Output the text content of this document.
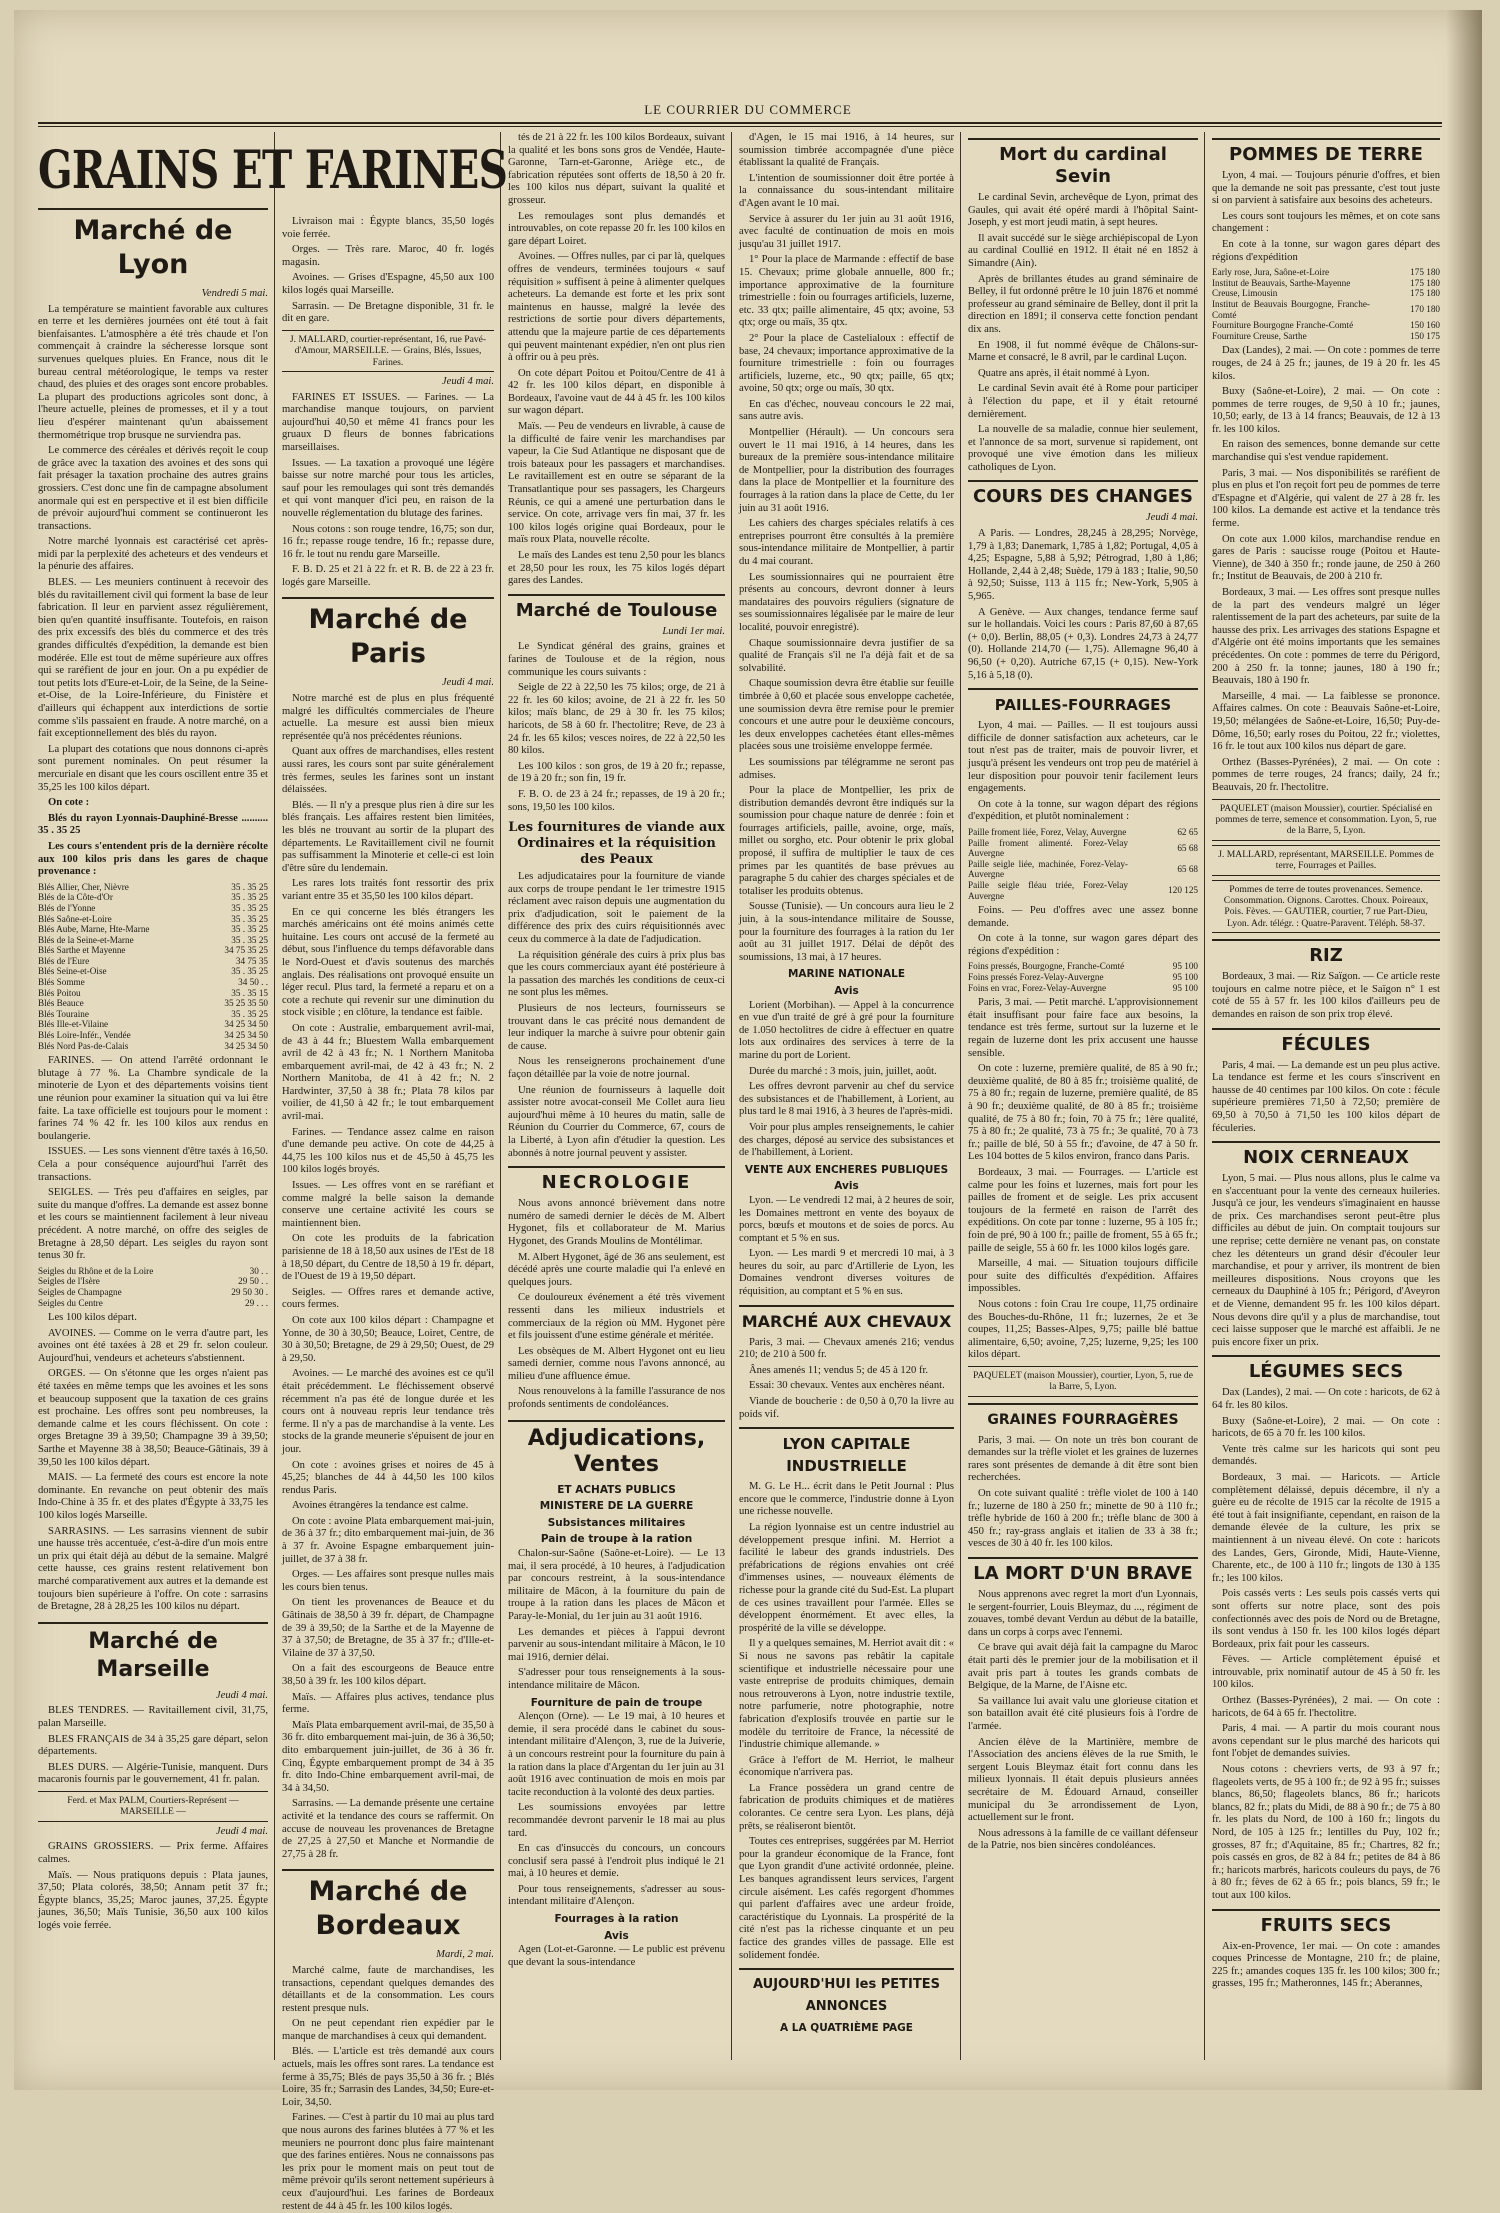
LE COURRIER DU COMMERCE
GRAINS ET FARINES
Marché de Lyon
Vendredi 5 mai.

La température se maintient favorable aux cultures en terre et les dernières journées ont été tout à fait bienfaisantes. L'atmosphère a été très chaude et l'on commençait à craindre la sécheresse lorsque sont survenues quelques pluies. En France, nous dit le bureau central météorologique, le temps va rester chaud, des pluies et des orages sont encore probables. La plupart des productions agricoles sont donc, à l'heure actuelle, pleines de promesses, et il y a tout lieu d'espérer maintenant qu'un abaissement thermométrique trop brusque ne surviendra pas.

Le commerce des céréales et dérivés reçoit le coup de grâce avec la taxation des avoines et des sons qui fait présager la taxation prochaine des autres grains grossiers. C'est donc une fin de campagne absolument anormale qui est en perspective et il est bien difficile de prévoir aujourd'hui comment se continueront les transactions.

Notre marché lyonnais est caractérisé cet après-midi par la perplexité des acheteurs et des vendeurs et la pénurie des affaires.

BLES. — Les meuniers continuent à recevoir des blés du ravitaillement civil qui forment la base de leur fabrication. Il leur en parvient assez régulièrement, bien qu'en quantité insuffisante. Toutefois, en raison des prix excessifs des blés du commerce et des très grandes difficultés d'expédition, la demande est bien modérée. Elle est tout de même supérieure aux offres qui se raréfient de jour en jour. On a pu expédier de tout petits lots d'Eure-et-Loir, de la Seine, de la Seine-et-Oise, de la Loire-Inférieure, du Finistère et d'ailleurs qui échappent aux interdictions de sortie comme s'ils passaient en fraude. A notre marché, on a fait exceptionnellement des blés du rayon.

La plupart des cotations que nous donnons ci-après sont purement nominales. On peut résumer la mercuriale en disant que les cours oscillent entre 35 et 35,25 les 100 kilos départ.

On cote :

Blés du rayon Lyonnais-Dauphiné-Bresse .......... 35 . 35 25

Les cours s'entendent pris de la dernière récolte aux 100 kilos pris dans les gares de chaque provenance :

Blés Allier, Cher, Nièvre	35 . 35 25
Blés de la Côte-d'Or	35 . 35 25
Blés de l'Yonne	35 . 35 25
Blés Saône-et-Loire	35 . 35 25
Blés Aube, Marne, Hte-Marne	35 . 35 25
Blés de la Seine-et-Marne	35 . 35 25
Blés Sarthe et Mayenne	34 75 35 25
Blés de l'Eure	34 75 35
Blés Seine-et-Oise	35 . 35 25
Blés Somme	34 50 . .
Blés Poitou	35 . 35 15
Blés Beauce	35 25 35 50
Blés Touraine	35 . 35 25
Blés Ille-et-Vilaine	34 25 34 50
Blés Loire-Infér., Vendée	34 25 34 50
Blés Nord Pas-de-Calais	34 25 34 50

FARINES. — On attend l'arrêté ordonnant le blutage à 77 %. La Chambre syndicale de la minoterie de Lyon et des départements voisins tient une réunion pour examiner la situation qui va lui être faite. La taxe officielle est toujours pour le moment : farines 74 % 42 fr. les 100 kilos aux rendus en boulangerie.

ISSUES. — Les sons viennent d'être taxés à 16,50. Cela a pour conséquence aujourd'hui l'arrêt des transactions.

SEIGLES. — Très peu d'affaires en seigles, par suite du manque d'offres. La demande est assez bonne et les cours se maintiennent facilement à leur niveau précédent. A notre marché, on offre des seigles de Bretagne à 28,50 départ. Les seigles du rayon sont tenus 30 fr.

Seigles du Rhône et de la Loire	30 . .
Seigles de l'Isère	29 50 . .
Seigles de Champagne	29 50 30 .
Seigles du Centre	29 . . .

Les 100 kilos départ.

AVOINES. — Comme on le verra d'autre part, les avoines ont été taxées à 28 et 29 fr. selon couleur. Aujourd'hui, vendeurs et acheteurs s'abstiennent.

ORGES. — On s'étonne que les orges n'aient pas été taxées en même temps que les avoines et les sons et beaucoup supposent que la taxation de ces grains est prochaine. Les offres sont peu nombreuses, la demande calme et les cours fléchissent. On cote : orges Bretagne 39 à 39,50; Champagne 39 à 39,50; Sarthe et Mayenne 38 à 38,50; Beauce-Gâtinais, 39 à 39,50 les 100 kilos départ.

MAIS. — La fermeté des cours est encore la note dominante. En revanche on peut obtenir des maïs Indo-Chine à 35 fr. et des plates d'Égypte à 33,75 les 100 kilos logés Marseille.

SARRASINS. — Les sarrasins viennent de subir une hausse très accentuée, c'est-à-dire d'un mois entre un prix qui était déjà au début de la semaine. Malgré cette hausse, ces grains restent relativement bon marché comparativement aux autres et la demande est toujours bien supérieure à l'offre. On cote : sarrasins de Bretagne, 28 à 28,25 les 100 kilos nu départ.

Marché de Marseille
Jeudi 4 mai.

BLES TENDRES. — Ravitaillement civil, 31,75, palan Marseille.

BLES FRANÇAIS de 34 à 35,25 gare départ, selon départements.

BLES DURS. — Algérie-Tunisie, manquent. Durs macaronis fournis par le gouvernement, 41 fr. palan.

Ferd. et Max PALM, Courtiers-Représent — MARSEILLE —
Jeudi 4 mai.

GRAINS GROSSIERS. — Prix ferme. Affaires calmes.

Maïs. — Nous pratiquons depuis : Plata jaunes, 37,50; Plata colorés, 38,50; Annam petit 37 fr.; Égypte blancs, 35,25; Maroc jaunes, 37,25. Égypte jaunes, 36,50; Maïs Tunisie, 36,50 aux 100 kilos logés voie ferrée.

Livraison mai : Égypte blancs, 35,50 logés voie ferrée.

Orges. — Très rare. Maroc, 40 fr. logés magasin.

Avoines. — Grises d'Espagne, 45,50 aux 100 kilos logés quai Marseille.

Sarrasin. — De Bretagne disponible, 31 fr. le dit en gare.

J. MALLARD, courtier-représentant, 16, rue Pavé-d'Amour, MARSEILLE. — Grains, Blés, Issues, Farines.
Jeudi 4 mai.

FARINES ET ISSUES. — Farines. — La marchandise manque toujours, on parvient aujourd'hui 40,50 et même 41 francs pour les gruaux D fleurs de bonnes fabrications marseillaises.

Issues. — La taxation a provoqué une légère baisse sur notre marché pour tous les articles, sauf pour les remoulages qui sont très demandés et qui vont manquer d'ici peu, en raison de la nouvelle réglementation du blutage des farines.

Nous cotons : son rouge tendre, 16,75; son dur, 16 fr.; repasse rouge tendre, 16 fr.; repasse dure, 16 fr. le tout nu rendu gare Marseille.

F. B. D. 25 et 21 à 22 fr. et R. B. de 22 à 23 fr. logés gare Marseille.

Marché de Paris
Jeudi 4 mai.

Notre marché est de plus en plus fréquenté malgré les difficultés commerciales de l'heure actuelle. La mesure est aussi bien mieux représentée qu'à nos précédentes réunions.

Quant aux offres de marchandises, elles restent aussi rares, les cours sont par suite généralement très fermes, seules les farines sont un instant délaissées.

Blés. — Il n'y a presque plus rien à dire sur les blés français. Les affaires restent bien limitées, les blés ne trouvant au sortir de la plupart des départements. Le Ravitaillement civil ne fournit pas suffisamment la Minoterie et celle-ci est loin d'être sûre du lendemain.

Les rares lots traités font ressortir des prix variant entre 35 et 35,50 les 100 kilos départ.

En ce qui concerne les blés étrangers les marchés américains ont été moins animés cette huitaine. Les cours ont accusé de la fermeté au début, sous l'influence du temps défavorable dans le Nord-Ouest et d'avis soutenus des marchés anglais. Des réalisations ont provoqué ensuite un léger recul. Plus tard, la fermeté a reparu et on a cote a rechute qui revenir sur une diminution du stock visible ; en clôture, la tendance est faible.

On cote : Australie, embarquement avril-mai, de 43 à 44 fr.; Bluestem Walla embarquement avril de 42 à 43 fr.; N. 1 Northern Manitoba embarquement avril-mai, de 42 à 43 fr.; N. 2 Northern Manitoba, de 41 à 42 fr.; N. 2 Hardwinter, 37,50 à 38 fr.; Plata 78 kilos par voilier, de 41,50 à 42 fr.; le tout embarquement avril-mai.

Farines. — Tendance assez calme en raison d'une demande peu active. On cote de 44,25 à 44,75 les 100 kilos nus et de 45,50 à 45,75 les 100 kilos logés broyés.

Issues. — Les offres vont en se raréfiant et comme malgré la belle saison la demande conserve une certaine activité les cours se maintiennent bien.

On cote les produits de la fabrication parisienne de 18 à 18,50 aux usines de l'Est de 18 à 18,50 départ, du Centre de 18,50 à 19 fr. départ, de l'Ouest de 19 à 19,50 départ.

Seigles. — Offres rares et demande active, cours fermes.

On cote aux 100 kilos départ : Champagne et Yonne, de 30 à 30,50; Beauce, Loiret, Centre, de 30 à 30,50; Bretagne, de 29 à 29,50; Ouest, de 29 à 29,50.

Avoines. — Le marché des avoines est ce qu'il était précédemment. Le fléchissement observé récemment n'a pas été de longue durée et les cours ont à nouveau repris leur tendance très ferme. Il n'y a pas de marchandise à la vente. Les stocks de la grande meunerie s'épuisent de jour en jour.

On cote : avoines grises et noires de 45 à 45,25; blanches de 44 à 44,50 les 100 kilos rendus Paris.

Avoines étrangères la tendance est calme.

On cote : avoine Plata embarquement mai-juin, de 36 à 37 fr.; dito embarquement mai-juin, de 36 à 37 fr. Avoine Espagne embarquement juin-juillet, de 37 à 38 fr.

Orges. — Les affaires sont presque nulles mais les cours bien tenus.

On tient les provenances de Beauce et du Gâtinais de 38,50 à 39 fr. départ, de Champagne de 39 à 39,50; de la Sarthe et de la Mayenne de 37 à 37,50; de Bretagne, de 35 à 37 fr.; d'Ille-et-Vilaine de 37 à 37,50.

On a fait des escourgeons de Beauce entre 38,50 à 39 fr. les 100 kilos départ.

Maïs. — Affaires plus actives, tendance plus ferme.

Maïs Plata embarquement avril-mai, de 35,50 à 36 fr. dito embarquement mai-juin, de 36 à 36,50; dito embarquement juin-juillet, de 36 à 36 fr. Cinq, Égypte embarquement prompt de 34 à 35 fr. dito Indo-Chine embarquement avril-mai, de 34 à 34,50.

Sarrasins. — La demande présente une certaine activité et la tendance des cours se raffermit. On accuse de nouveau les provenances de Bretagne de 27,25 à 27,50 et Manche et Normandie de 27,75 à 28 fr.

Marché de Bordeaux
Mardi, 2 mai.

Marché calme, faute de marchandises, les transactions, cependant quelques demandes des détaillants et de la consommation. Les cours restent presque nuls.

On ne peut cependant rien expédier par le manque de marchandises à ceux qui demandent.

Blés. — L'article est très demandé aux cours actuels, mais les offres sont rares. La tendance est ferme à 35,75; Blés de pays 35,50 à 36 fr. ; Blés Loire, 35 fr.; Sarrasin des Landes, 34,50; Eure-et-Loir, 34,50.

Farines. — C'est à partir du 10 mai au plus tard que nous aurons des farines blutées à 77 % et les meuniers ne pourront donc plus faire maintenant que des farines entières. Nous ne connaissons pas les prix pour le moment mais on peut tout de même prévoir qu'ils seront nettement supérieurs à ceux d'aujourd'hui. Les farines de Bordeaux restent de 44 à 45 fr. les 100 kilos logés.

tés de 21 à 22 fr. les 100 kilos Bordeaux, suivant la qualité et les bons sons gros de Vendée, Haute-Garonne, Tarn-et-Garonne, Ariège etc., de fabrication réputées sont offerts de 18,50 à 20 fr. les 100 kilos nus départ, suivant la qualité et grosseur.

Les remoulages sont plus demandés et introuvables, on cote repasse 20 fr. les 100 kilos en gare départ Loiret.

Avoines. — Offres nulles, par ci par là, quelques offres de vendeurs, terminées toujours « sauf réquisition » suffisent à peine à alimenter quelques acheteurs. La demande est forte et les prix sont maintenus en hausse, malgré la levée des restrictions de sortie pour divers départements, attendu que la majeure partie de ces départements qui peuvent maintenant expédier, n'en ont plus rien à offrir ou à peu près.

On cote départ Poitou et Poitou/Centre de 41 à 42 fr. les 100 kilos départ, en disponible à Bordeaux, l'avoine vaut de 44 à 45 fr. les 100 kilos sur wagon départ.

Maïs. — Peu de vendeurs en livrable, à cause de la difficulté de faire venir les marchandises par vapeur, la Cie Sud Atlantique ne disposant que de trois bateaux pour les passagers et marchandises. Le ravitaillement est en outre se séparant de la Transatlantique pour ses passagers, les Chargeurs Réunis, ce qui a amené une perturbation dans le service. On cote, arrivage vers fin mai, 37 fr. les 100 kilos logés origine quai Bordeaux, pour le maïs roux Plata, nouvelle récolte.

Le maïs des Landes est tenu 2,50 pour les blancs et 28,50 pour les roux, les 75 kilos logés départ gares des Landes.

Marché de Toulouse
Lundi 1er mai.

Le Syndicat général des grains, graines et farines de Toulouse et de la région, nous communique les cours suivants :

Seigle de 22 à 22,50 les 75 kilos; orge, de 21 à 22 fr. les 60 kilos; avoine, de 21 à 22 fr. les 50 kilos; maïs blanc, de 29 à 30 fr. les 75 kilos; haricots, de 58 à 60 fr. l'hectolitre; Reve, de 23 à 24 fr. les 65 kilos; vesces noires, de 22 à 22,50 les 80 kilos.

Les 100 kilos : son gros, de 19 à 20 fr.; repasse, de 19 à 20 fr.; son fin, 19 fr.

F. B. O. de 23 à 24 fr.; repasses, de 19 à 20 fr.; sons, 19,50 les 100 kilos.

Les fournitures de viande aux Ordinaires et la réquisition des Peaux

Les adjudicataires pour la fourniture de viande aux corps de troupe pendant le 1er trimestre 1915 réclament avec raison depuis une augmentation du prix d'adjudication, soit le paiement de la différence des prix des cuirs réquisitionnés avec ceux du commerce à la date de l'adjudication.

La réquisition générale des cuirs à prix plus bas que les cours commerciaux ayant été postérieure à la passation des marchés les conditions de ceux-ci ne sont plus les mêmes.

Plusieurs de nos lecteurs, fournisseurs se trouvant dans le cas précité nous demandent de leur indiquer la marche à suivre pour obtenir gain de cause.

Nous les renseignerons prochainement d'une façon détaillée par la voie de notre journal.

Une réunion de fournisseurs à laquelle doit assister notre avocat-conseil Me Collet aura lieu aujourd'hui même à 10 heures du matin, salle de Réunion du Courrier du Commerce, 67, cours de la Liberté, à Lyon afin d'étudier la question. Les abonnés à notre journal peuvent y assister.

NECROLOGIE

Nous avons annoncé brièvement dans notre numéro de samedi dernier le décès de M. Albert Hygonet, fils et collaborateur de M. Marius Hygonet, des Grands Moulins de Montélimar.

M. Albert Hygonet, âgé de 36 ans seulement, est décédé après une courte maladie qui l'a enlevé en quelques jours.

Ce douloureux événement a été très vivement ressenti dans les milieux industriels et commerciaux de la région où MM. Hygonet père et fils jouissent d'une estime générale et méritée.

Les obsèques de M. Albert Hygonet ont eu lieu samedi dernier, comme nous l'avons annoncé, au milieu d'une affluence émue.

Nous renouvelons à la famille l'assurance de nos profonds sentiments de condoléances.

Adjudications, Ventes
ET ACHATS PUBLICS
MINISTERE DE LA GUERRE
Subsistances militaires
Pain de troupe à la ration

Chalon-sur-Saône (Saône-et-Loire). — Le 13 mai, il sera procédé, à 10 heures, à l'adjudication par concours restreint, à la sous-intendance militaire de Mâcon, à la fourniture du pain de troupe à la ration dans les places de Mâcon et Paray-le-Monial, du 1er juin au 31 août 1916.

Les demandes et pièces à l'appui devront parvenir au sous-intendant militaire à Mâcon, le 10 mai 1916, dernier délai.

S'adresser pour tous renseignements à la sous-intendance militaire de Mâcon.

Fourniture de pain de troupe

Alençon (Orne). — Le 19 mai, à 10 heures et demie, il sera procédé dans le cabinet du sous-intendant militaire d'Alençon, 3, rue de la Juiverie, à un concours restreint pour la fourniture du pain à la ration dans la place d'Argentan du 1er juin au 31 août 1916 avec continuation de mois en mois par tacite reconduction à la volonté des deux parties.

Les soumissions envoyées par lettre recommandée devront parvenir le 18 mai au plus tard.

En cas d'insuccès du concours, un concours conclusif sera passé à l'endroit plus indiqué le 21 mai, à 10 heures et demie.

Pour tous renseignements, s'adresser au sous-intendant militaire d'Alençon.

Fourrages à la ration
Avis

Agen (Lot-et-Garonne. — Le public est prévenu que devant la sous-intendance

d'Agen, le 15 mai 1916, à 14 heures, sur soumission timbrée accompagnée d'une pièce établissant la qualité de Français.

L'intention de soumissionner doit être portée à la connaissance du sous-intendant militaire d'Agen avant le 10 mai.

Service à assurer du 1er juin au 31 août 1916, avec faculté de continuation de mois en mois jusqu'au 31 juillet 1917.

1° Pour la place de Marmande : effectif de base 15. Chevaux; prime globale annuelle, 800 fr.; importance approximative de la fourniture trimestrielle : foin ou fourrages artificiels, luzerne, etc. 33 qtx; paille alimentaire, 45 qtx; avoine, 53 qtx; orge ou maïs, 35 qtx.

2° Pour la place de Castelialoux : effectif de base, 24 chevaux; importance approximative de la fourniture trimestrielle : foin ou fourrages artificiels, luzerne, etc., 90 qtx; paille, 65 qtx; avoine, 50 qtx; orge ou maïs, 30 qtx.

En cas d'échec, nouveau concours le 22 mai, sans autre avis.

Montpellier (Hérault). — Un concours sera ouvert le 11 mai 1916, à 14 heures, dans les bureaux de la première sous-intendance militaire de Montpellier, pour la distribution des fourrages dans la place de Montpellier et la fourniture des fourrages à la ration dans la place de Cette, du 1er juin au 31 août 1916.

Les cahiers des charges spéciales relatifs à ces entreprises pourront être consultés à la première sous-intendance militaire de Montpellier, à partir du 4 mai courant.

Les soumissionnaires qui ne pourraient être présents au concours, devront donner à leurs mandataires des pouvoirs réguliers (signature de ses soumissionnaires légalisée par le maire de leur localité, pouvoir enregistré).

Chaque soumissionnaire devra justifier de sa qualité de Français s'il ne l'a déjà fait et de sa solvabilité.

Chaque soumission devra être établie sur feuille timbrée à 0,60 et placée sous enveloppe cachetée, une soumission devra être remise pour le premier concours et une autre pour le deuxième concours, les deux enveloppes cachetées étant elles-mêmes placées sous une troisième enveloppe fermée.

Les soumissions par télégramme ne seront pas admises.

Pour la place de Montpellier, les prix de distribution demandés devront être indiqués sur la soumission pour chaque nature de denrée : foin et fourrages artificiels, paille, avoine, orge, maïs, millet ou sorgho, etc. Pour obtenir le prix global proposé, il suffira de multiplier le taux de ces primes par les quantités de base prévues au paragraphe 5 du cahier des charges spéciales et de totaliser les produits obtenus.

Sousse (Tunisie). — Un concours aura lieu le 2 juin, à la sous-intendance militaire de Sousse, pour la fourniture des fourrages à la ration du 1er août au 31 juillet 1917. Délai de dépôt des soumissions, 13 mai, à 17 heures.

MARINE NATIONALE
Avis

Lorient (Morbihan). — Appel à la concurrence en vue d'un traité de gré à gré pour la fourniture de 1.050 hectolitres de cidre à effectuer en quatre lots aux ordinaires des services à terre de la marine du port de Lorient.

Durée du marché : 3 mois, juin, juillet, août.

Les offres devront parvenir au chef du service des subsistances et de l'habillement, à Lorient, au plus tard le 8 mai 1916, à 3 heures de l'après-midi.

Voir pour plus amples renseignements, le cahier des charges, déposé au service des subsistances et de l'habillement, à Lorient.

VENTE AUX ENCHERES PUBLIQUES
Avis

Lyon. — Le vendredi 12 mai, à 2 heures de soir, les Domaines mettront en vente des boyaux de porcs, bœufs et moutons et de soies de porcs. Au comptant et 5 % en sus.

Lyon. — Les mardi 9 et mercredi 10 mai, à 3 heures du soir, au parc d'Artillerie de Lyon, les Domaines vendront diverses voitures de réquisition, au comptant et 5 % en sus.

MARCHÉ AUX CHEVAUX

Paris, 3 mai. — Chevaux amenés 216; vendus 210; de 210 à 500 fr.

Ânes amenés 11; vendus 5; de 45 à 120 fr.

Essai: 30 chevaux. Ventes aux enchères néant.

Viande de boucherie : de 0,50 à 0,70 la livre au poids vif.

LYON CAPITALE INDUSTRIELLE

M. G. Le H... écrit dans le Petit Journal : Plus encore que le commerce, l'industrie donne à Lyon une richesse nouvelle.

La région lyonnaise est un centre industriel au développement presque infini. M. Herriot a facilité le labeur des grands industriels. Des préfabrications de régions envahies ont créé d'immenses usines, — nouveaux éléments de richesse pour la grande cité du Sud-Est. La plupart de ces usines travaillent pour l'armée. Elles se développent énormément. Et avec elles, la prospérité de la ville se développe.

Il y a quelques semaines, M. Herriot avait dit : « Si nous ne savons pas rebâtir la capitale scientifique et industrielle nécessaire pour une vaste entreprise de produits chimiques, demain nous retrouverons à Lyon, notre industrie textile, notre parfumerie, notre photographie, notre fabrication d'explosifs trouvée en partie sur le modèle du territoire de France, la nécessité de l'industrie chimique allemande. »

Grâce à l'effort de M. Herriot, le malheur économique n'arrivera pas.

La France possèdera un grand centre de fabrication de produits chimiques et de matières colorantes. Ce centre sera Lyon. Les plans, déjà prêts, se réaliseront bientôt.

Toutes ces entreprises, suggérées par M. Herriot pour la grandeur économique de la France, font que Lyon grandit d'une activité ordonnée, pleine. Les banques agrandissent leurs services, l'argent circule aisément. Les cafés regorgent d'hommes qui parlent d'affaires avec une ardeur froide, caractéristique du Lyonnais. La prospérité de la cité n'est pas la richesse cinquante et un peu factice des grandes villes de passage. Elle est solidement fondée.

AUJOURD'HUI les PETITES ANNONCES
A LA QUATRIÈME PAGE
Mort du cardinal Sevin

Le cardinal Sevin, archevêque de Lyon, primat des Gaules, qui avait été opéré mardi à l'hôpital Saint-Joseph, y est mort jeudi matin, à sept heures.

Il avait succédé sur le siège archiépiscopal de Lyon au cardinal Coullié en 1912. Il était né en 1852 à Simandre (Ain).

Après de brillantes études au grand séminaire de Belley, il fut ordonné prêtre le 10 juin 1876 et nommé professeur au grand séminaire de Belley, dont il prit la direction en 1891; il conserva cette fonction pendant dix ans.

En 1908, il fut nommé évêque de Châlons-sur-Marne et consacré, le 8 avril, par le cardinal Luçon.

Quatre ans après, il était nommé à Lyon.

Le cardinal Sevin avait été à Rome pour participer à l'élection du pape, et il y était retourné dernièrement.

La nouvelle de sa maladie, connue hier seulement, et l'annonce de sa mort, survenue si rapidement, ont provoqué une vive émotion dans les milieux catholiques de Lyon.

COURS DES CHANGES
Jeudi 4 mai.

A Paris. — Londres, 28,245 à 28,295; Norvège, 1,79 à 1,83; Danemark, 1,785 à 1,82; Portugal, 4,05 à 4,25; Espagne, 5,88 à 5,92; Pétrograd, 1,80 à 1,86; Hollande, 2,44 à 2,48; Suède, 179 à 183 ; Italie, 90,50 à 92,50; Suisse, 113 à 115 fr.; New-York, 5,905 à 5,965.

A Genève. — Aux changes, tendance ferme sauf sur le hollandais. Voici les cours : Paris 87,60 à 87,65 (+ 0,0). Berlin, 88,05 (+ 0,3). Londres 24,73 à 24,77 (0). Hollande 214,70 (— 1,75). Allemagne 96,40 à 96,50 (+ 0,20). Autriche 67,15 (+ 0,15). New-York 5,16 à 5,18 (0).

PAILLES-FOURRAGES

Lyon, 4 mai. — Pailles. — Il est toujours aussi difficile de donner satisfaction aux acheteurs, car le tout n'est pas de traiter, mais de pouvoir livrer, et jusqu'à présent les vendeurs ont trop peu de matériel à leur disposition pour pouvoir tenir facilement leurs engagements.

On cote à la tonne, sur wagon départ des régions d'expédition, et plutôt nominalement :

Paille froment liée, Forez, Velay, Auvergne	62 65
Paille froment alimenté. Forez-Velay Auvergne	65 68
Paille seigle liée, machinée, Forez-Velay-Auvergne	65 68
Paille seigle fléau triée, Forez-Velay Auvergne	120 125

Foins. — Peu d'offres avec une assez bonne demande.

On cote à la tonne, sur wagon gares départ des régions d'expédition :

Foins pressés, Bourgogne, Franche-Comté	95 100
Foins pressés Forez-Velay-Auvergne	95 100
Foins en vrac, Forez-Velay-Auvergne	95 100

Paris, 3 mai. — Petit marché. L'approvisionnement était insuffisant pour faire face aux besoins, la tendance est très ferme, surtout sur la luzerne et le regain de luzerne dont les prix accusent une hausse sensible.

On cote : luzerne, première qualité, de 85 à 90 fr.; deuxième qualité, de 80 à 85 fr.; troisième qualité, de 75 à 80 fr.; regain de luzerne, première qualité, de 85 à 90 fr.; deuxième qualité, de 80 à 85 fr.; troisième qualité, de 75 à 80 fr.; foin, 70 à 75 fr.; 1ère qualité, 75 à 80 fr.; 2e qualité, 73 à 75 fr.; 3e qualité, 70 à 73 fr.; paille de blé, 50 à 55 fr.; d'avoine, de 47 à 50 fr. Les 104 bottes de 5 kilos environ, franco dans Paris.

Bordeaux, 3 mai. — Fourrages. — L'article est calme pour les foins et luzernes, mais fort pour les pailles de froment et de seigle. Les prix accusent toujours de la fermeté en raison de l'arrêt des expéditions. On cote par tonne : luzerne, 95 à 105 fr.; foin de pré, 90 à 100 fr.; paille de froment, 55 à 65 fr.; paille de seigle, 55 à 60 fr. les 1000 kilos logés gare.

Marseille, 4 mai. — Situation toujours difficile pour suite des difficultés d'expédition. Affaires impossibles.

Nous cotons : foin Crau 1re coupe, 11,75 ordinaire des Bouches-du-Rhône, 11 fr.; luzernes, 2e et 3e coupes, 11,25; Basses-Alpes, 9,75; paille blé battue alimentaire, 6,50; avoine, 7,25; luzerne, 9,25; les 100 kilos départ.

PAQUELET (maison Moussier), courtier, Lyon, 5, rue de la Barre, 5, Lyon.
GRAINES FOURRAGÈRES

Paris, 3 mai. — On note un très bon courant de demandes sur la trèfle violet et les graines de luzernes rares sont présentes de demande à dit être sont bien recherchées.

On cote suivant qualité : trèfle violet de 100 à 140 fr.; luzerne de 180 à 250 fr.; minette de 90 à 110 fr.; trèfle hybride de 160 à 200 fr.; trèfle blanc de 300 à 450 fr.; ray-grass anglais et italien de 33 à 38 fr.; vesces de 30 à 40 fr. les 100 kilos.

LA MORT D'UN BRAVE

Nous apprenons avec regret la mort d'un Lyonnais, le sergent-fourrier, Louis Bleymaz, du ..., régiment de zouaves, tombé devant Verdun au début de la bataille, dans un corps à corps avec l'ennemi.

Ce brave qui avait déjà fait la campagne du Maroc était parti dès le premier jour de la mobilisation et il avait pris part à toutes les grands combats de Belgique, de la Marne, de l'Aisne etc.

Sa vaillance lui avait valu une glorieuse citation et son bataillon avait été cité plusieurs fois à l'ordre de l'armée.

Ancien élève de la Martinière, membre de l'Association des anciens élèves de la rue Smith, le sergent Louis Bleymaz était fort connu dans les milieux lyonnais. Il était depuis plusieurs années secrétaire de M. Édouard Arnaud, conseiller municipal du 3e arrondissement de Lyon, actuellement sur le front.

Nous adressons à la famille de ce vaillant défenseur de la Patrie, nos bien sincères condoléances.

POMMES DE TERRE

Lyon, 4 mai. — Toujours pénurie d'offres, et bien que la demande ne soit pas pressante, c'est tout juste si on parvient à satisfaire aux besoins des acheteurs.

Les cours sont toujours les mêmes, et on cote sans changement :

En cote à la tonne, sur wagon gares départ des régions d'expédition

Early rose, Jura, Saône-et-Loire	175 180
Institut de Beauvais, Sarthe-Mayenne	175 180
Creuse, Limousin	175 180
Institut de Beauvais Bourgogne, Franche-Comté	170 180
Fourniture Bourgogne Franche-Comté	150 160
Fourniture Creuse, Sarthe	150 175

Dax (Landes), 2 mai. — On cote : pommes de terre rouges, de 24 à 25 fr.; jaunes, de 19 à 20 fr. les 45 kilos.

Buxy (Saône-et-Loire), 2 mai. — On cote : pommes de terre rouges, de 9,50 à 10 fr.; jaunes, 10,50; early, de 13 à 14 francs; Beauvais, de 12 à 13 fr. les 100 kilos.

En raison des semences, bonne demande sur cette marchandise qui s'est vendue rapidement.

Paris, 3 mai. — Nos disponibilités se raréfient de plus en plus et l'on reçoit fort peu de pommes de terre d'Espagne et d'Algérie, qui valent de 27 à 28 fr. les 100 kilos. La demande est active et la tendance très ferme.

On cote aux 1.000 kilos, marchandise rendue en gares de Paris : saucisse rouge (Poitou et Haute-Vienne), de 340 à 350 fr.; ronde jaune, de 250 à 260 fr.; Institut de Beauvais, de 200 à 210 fr.

Bordeaux, 3 mai. — Les offres sont presque nulles de la part des vendeurs malgré un léger ralentissement de la part des acheteurs, par suite de la hausse des prix. Les arrivages des stations Espagne et d'Algérie ont été moins importants que les semaines précédentes. On cote : pommes de terre du Périgord, 200 à 250 fr. la tonne; jaunes, 180 à 190 fr.; Beauvais, 180 à 190 fr.

Marseille, 4 mai. — La faiblesse se prononce. Affaires calmes. On cote : Beauvais Saône-et-Loire, 19,50; mélangées de Saône-et-Loire, 16,50; Puy-de-Dôme, 16,50; early roses du Poitou, 22 fr.; violettes, 16 fr. le tout aux 100 kilos nus départ de gare.

Orthez (Basses-Pyrénées), 2 mai. — On cote : pommes de terre rouges, 24 francs; daily, 24 fr.; Beauvais, 20 fr. l'hectolitre.

PAQUELET (maison Moussier), courtier. Spécialisé en pommes de terre, semence et consommation. Lyon, 5, rue de la Barre, 5, Lyon.
J. MALLARD, représentant, MARSEILLE. Pommes de terre, Fourrages et Pailles.
Pommes de terre de toutes provenances. Semence. Consommation. Oignons. Carottes. Choux. Poireaux, Pois. Fèves. — GAUTIER, courtier, 7 rue Part-Dieu, Lyon. Adr. télégr. : Quatre-Paravent. Téléph. 58-37.
RIZ

Bordeaux, 3 mai. — Riz Saïgon. — Ce article reste toujours en calme notre pièce, et le Saïgon n° 1 est coté de 55 à 57 fr. les 100 kilos d'ailleurs peu de demandes en raison de son prix trop élevé.

FÉCULES

Paris, 4 mai. — La demande est un peu plus active. La tendance est ferme et les cours s'inscrivent en hausse de 40 centimes par 100 kilos. On cote : fécule supérieure premières 71,50 à 72,50; première de 69,50 à 70,50 à 71,50 les 100 kilos départ de féculeries.

NOIX CERNEAUX

Lyon, 5 mai. — Plus nous allons, plus le calme va en s'accentuant pour la vente des cerneaux huileries. Jusqu'à ce jour, les vendeurs s'imaginaient en hausse de prix. Ces marchandises seront peut-être plus difficiles au début de juin. On comptait toujours sur une reprise; cette dernière ne venant pas, on constate chez les détenteurs un grand désir d'écouler leur marchandise, et pour y arriver, ils montrent de bien meilleures dispositions. Nous croyons que les cerneaux du Dauphiné à 105 fr.; Périgord, d'Aveyron et de Vienne, demandent 95 fr. les 100 kilos départ. Nous devons dire qu'il y a plus de marchandise, tout ceci laisse supposer que le marché est affaibli. Je ne puis encore fixer un prix.

LÉGUMES SECS

Dax (Landes), 2 mai. — On cote : haricots, de 62 à 64 fr. les 80 kilos.

Buxy (Saône-et-Loire), 2 mai. — On cote : haricots, de 65 à 70 fr. les 100 kilos.

Vente très calme sur les haricots qui sont peu demandés.

Bordeaux, 3 mai. — Haricots. — Article complètement délaissé, depuis décembre, il n'y a guère eu de récolte de 1915 car la récolte de 1915 a été tout à fait insignifiante, cependant, en raison de la demande élevée de la culture, les prix se maintiennent à un niveau élevé. On cote : haricots des Landes, Gers, Gironde, Midi, Haute-Vienne, Charente, etc., de 100 à 110 fr.; lingots de 130 à 135 fr.; les 100 kilos.

Pois cassés verts : Les seuls pois cassés verts qui sont offerts sur notre place, sont des pois confectionnés avec des pois de Nord ou de Bretagne, ils sont vendus à 150 fr. les 100 kilos logés départ Bordeaux, prix fait pour les casseurs.

Fèves. — Article complètement épuisé et introuvable, prix nominatif autour de 45 à 50 fr. les 100 kilos.

Orthez (Basses-Pyrénées), 2 mai. — On cote : haricots, de 64 à 65 fr. l'hectolitre.

Paris, 4 mai. — A partir du mois courant nous avons cependant sur le plus marché des haricots qui font l'objet de demandes suivies.

Nous cotons : chevriers verts, de 93 à 97 fr.; flageolets verts, de 95 à 100 fr.; de 92 à 95 fr.; suisses blancs, 86,50; flageolets blancs, 86 fr.; haricots blancs, 82 fr.; plats du Midi, de 88 à 90 fr.; de 75 à 80 fr. les plats du Nord, de 100 à 160 fr.; lingots du Nord, de 105 à 125 fr.; lentilles du Puy, 102 fr.; grosses, 87 fr.; d'Aquitaine, 85 fr.; Chartres, 82 fr.; pois cassés en gros, de 82 à 84 fr.; petites de 84 à 86 fr.; haricots marbrés, haricots couleurs du pays, de 76 à 80 fr.; fèves de 62 à 65 fr.; pois blancs, 59 fr.; le tout aux 100 kilos.

FRUITS SECS

Aix-en-Provence, 1er mai. — On cote : amandes coques Princesse de Montagne, 210 fr.; de plaine, 225 fr.; amandes coques 135 fr. les 100 kilos; 300 fr.; grasses, 195 fr.; Matheronnes, 145 fr.; Aberannes,
